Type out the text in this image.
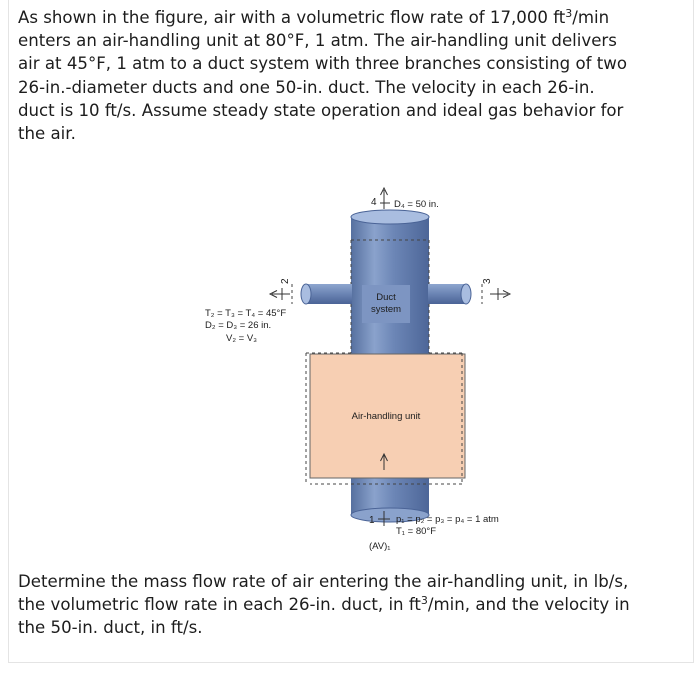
As shown in the figure, air with a volumetric flow rate of 17,000 $ft^3/\min$
enters an air-handling unit at 80°F, 1 atm. The air-handling unit delivers
air at 45°F, 1 atm to a duct system with three branches consisting of two
26-in.-diameter ducts and one 50-in. duct. The velocity in each 26-in.
duct is 10 ft/s. Assume steady state operation and ideal gas behavior for
the air.
Duct
system
Air-handling unit
4 D₄ = 50 in.
2	3
1
T₂ = T₃ = T₄ = 45°F
D₂ = D₃ = 26 in.
V₂ = V₃
p₁ = p₂ = p₃ = p₄ = 1 atm
T₁ = 80°F
(AV)₁
Determine the mass flow rate of air entering the air-handling unit, in lb/s,
the volumetric flow rate in each 26-in. duct, in $ft^3/\min$, and the velocity in
the 50-in. duct, in ft/s.
